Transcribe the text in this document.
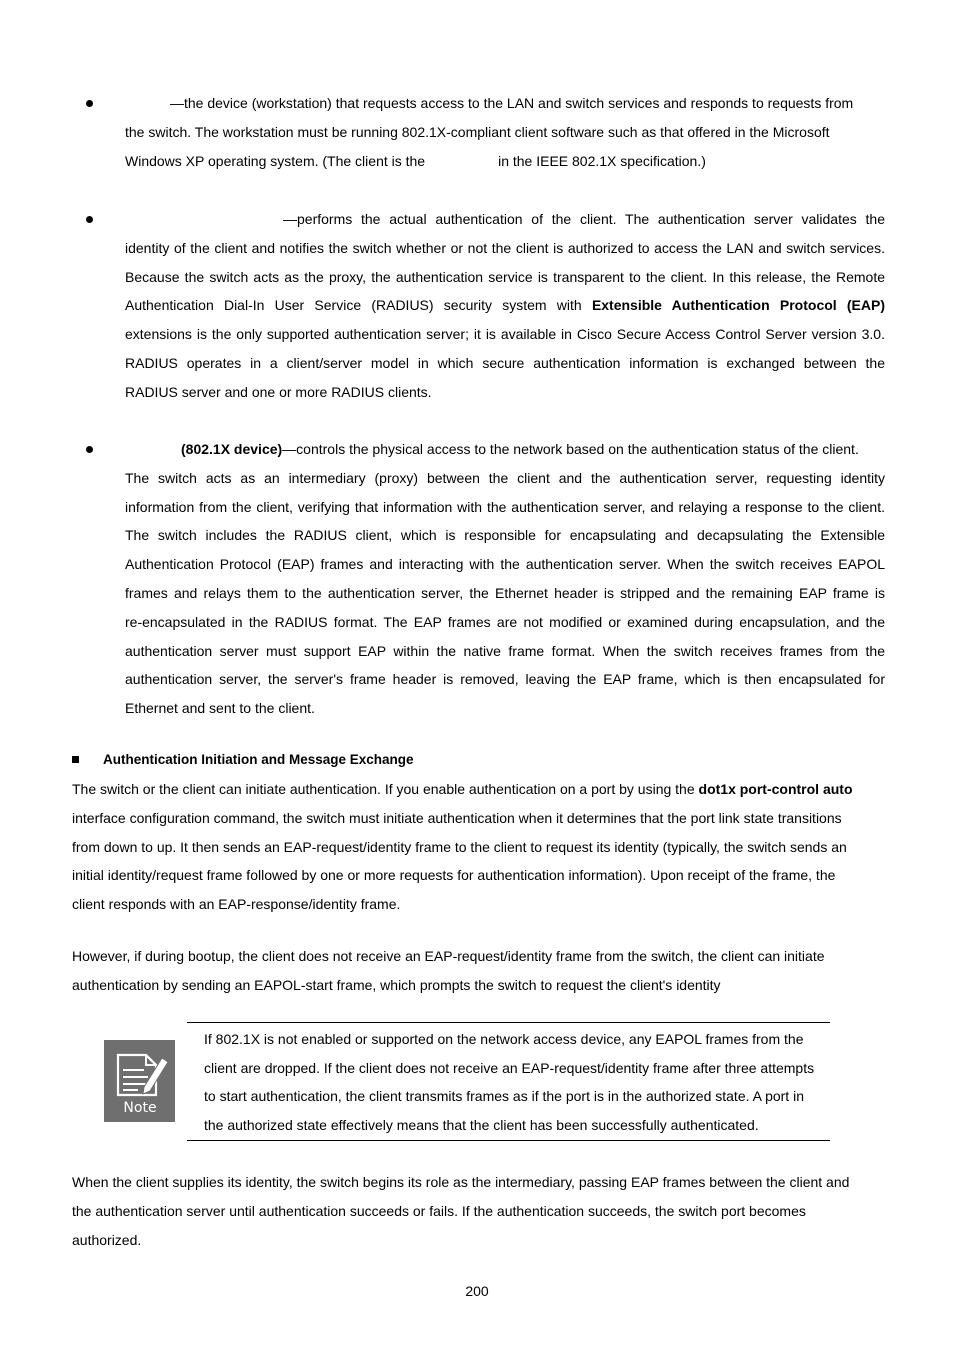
—the device (workstation) that requests access to the LAN and switch services and responds to requests from
the switch. The workstation must be running 802.1X-compliant client software such as that offered in the Microsoft
Windows XP operating system. (The client is the	in the IEEE 802.1X specification.)
—performs the actual authentication of the client. The authentication server validates the
identity of the client and notifies the switch whether or not the client is authorized to access the LAN and switch services.
Because the switch acts as the proxy, the authentication service is transparent to the client. In this release, the Remote
Authentication Dial-In User Service (RADIUS) security system with Extensible Authentication Protocol (EAP)
extensions is the only supported authentication server; it is available in Cisco Secure Access Control Server version 3.0.
RADIUS operates in a client/server model in which secure authentication information is exchanged between the
RADIUS server and one or more RADIUS clients.
(802.1X device)—controls the physical access to the network based on the authentication status of the client.
The switch acts as an intermediary (proxy) between the client and the authentication server, requesting identity
information from the client, verifying that information with the authentication server, and relaying a response to the client.
The switch includes the RADIUS client, which is responsible for encapsulating and decapsulating the Extensible
Authentication Protocol (EAP) frames and interacting with the authentication server. When the switch receives EAPOL
frames and relays them to the authentication server, the Ethernet header is stripped and the remaining EAP frame is
re-encapsulated in the RADIUS format. The EAP frames are not modified or examined during encapsulation, and the
authentication server must support EAP within the native frame format. When the switch receives frames from the
authentication server, the server's frame header is removed, leaving the EAP frame, which is then encapsulated for
Ethernet and sent to the client.
Authentication Initiation and Message Exchange
The switch or the client can initiate authentication. If you enable authentication on a port by using the dot1x port-control auto
interface configuration command, the switch must initiate authentication when it determines that the port link state transitions
from down to up. It then sends an EAP-request/identity frame to the client to request its identity (typically, the switch sends an
initial identity/request frame followed by one or more requests for authentication information). Upon receipt of the frame, the
client responds with an EAP-response/identity frame.
However, if during bootup, the client does not receive an EAP-request/identity frame from the switch, the client can initiate
authentication by sending an EAPOL-start frame, which prompts the switch to request the client's identity
Note
If 802.1X is not enabled or supported on the network access device, any EAPOL frames from the
client are dropped. If the client does not receive an EAP-request/identity frame after three attempts
to start authentication, the client transmits frames as if the port is in the authorized state. A port in
the authorized state effectively means that the client has been successfully authenticated.
When the client supplies its identity, the switch begins its role as the intermediary, passing EAP frames between the client and
the authentication server until authentication succeeds or fails. If the authentication succeeds, the switch port becomes
authorized.
200
